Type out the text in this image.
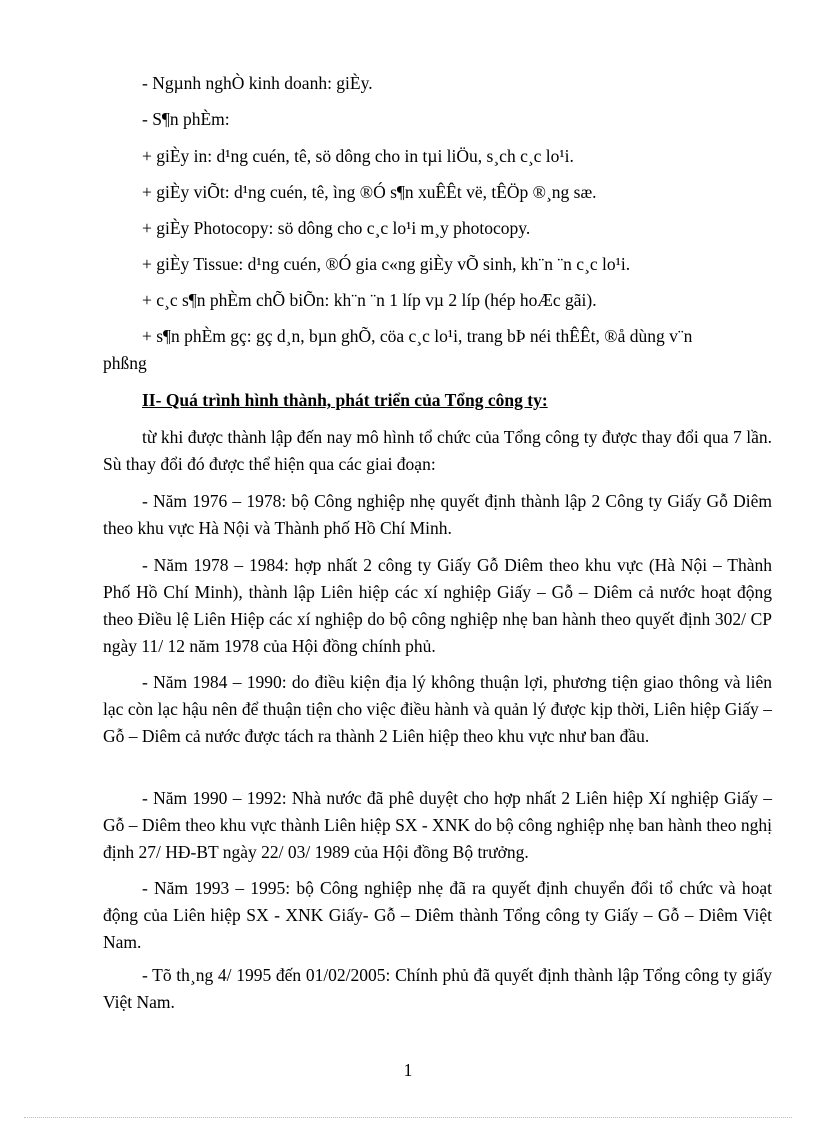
- Ngµnh nghÒ kinh doanh: giÈy.
- S¶n phÈm:
+ giÈy in: d¹ng cuén, tê, sö dông cho in tµi liÖu, s¸ch c¸c lo¹i.
+ giÈy viÕt: d¹ng cuén, tê, ìng ®Ó s¶n xuÊÊt vë, tÊÖp ®¸ng sæ.
+ giÈy Photocopy: sö dông cho c¸c lo¹i m¸y photocopy.
+ giÈy Tissue: d¹ng cuén, ®Ó gia c«ng giÈy vÕ sinh, kh¨n ¨n c¸c lo¹i.
+ c¸c s¶n phÈm chÕ biÕn: kh¨n ¨n 1 líp vµ 2 líp (hép hoÆc gãi).
+ s¶n phÈm gç: gç d¸n, bµn ghÕ, cöa c¸c lo¹i, trang bÞ néi thÊÊt, ®å dùng v¨n
phßng
II- Quá trình hình thành, phát triển của Tổng công ty:

từ khi được thành lập đến nay mô hình tổ chức của Tổng công ty được thay đổi qua 7 lần. Sù thay đổi đó được thể hiện qua các giai đoạn:

- Năm 1976 – 1978: bộ Công nghiệp nhẹ quyết định thành lập 2 Công ty Giấy Gỗ Diêm theo khu vực Hà Nội và Thành phố Hồ Chí Minh.

- Năm 1978 – 1984: hợp nhất 2 công ty Giấy Gỗ Diêm theo khu vực (Hà Nội – Thành Phố Hồ Chí Minh), thành lập Liên hiệp các xí nghiệp Giấy – Gỗ – Diêm cả nước hoạt động theo Điều lệ Liên Hiệp các xí nghiệp do bộ công nghiệp nhẹ ban hành theo quyết định 302/ CP ngày 11/ 12 năm 1978 của Hội đồng chính phủ.

- Năm 1984 – 1990: do điều kiện địa lý không thuận lợi, phương tiện giao thông và liên lạc còn lạc hậu nên để thuận tiện cho việc điều hành và quản lý được kịp thời, Liên hiệp Giấy – Gỗ – Diêm cả nước được tách ra thành 2 Liên hiệp theo khu vực như ban đầu.

- Năm 1990 – 1992: Nhà nước đã phê duyệt cho hợp nhất 2 Liên hiệp Xí nghiệp Giấy – Gỗ – Diêm theo khu vực thành Liên hiệp SX - XNK do bộ công nghiệp nhẹ ban hành theo nghị định 27/ HĐ-BT ngày 22/ 03/ 1989 của Hội đồng Bộ trưởng.

- Năm 1993 – 1995: bộ Công nghiệp nhẹ đã ra quyết định chuyển đổi tổ chức và hoạt động của Liên hiệp SX - XNK Giấy- Gỗ – Diêm thành Tổng công ty Giấy – Gỗ – Diêm Việt Nam.

- Tõ th¸ng 4/ 1995 đến 01/02/2005: Chính phủ đã quyết định thành lập Tổng công ty giấy Việt Nam.

1
